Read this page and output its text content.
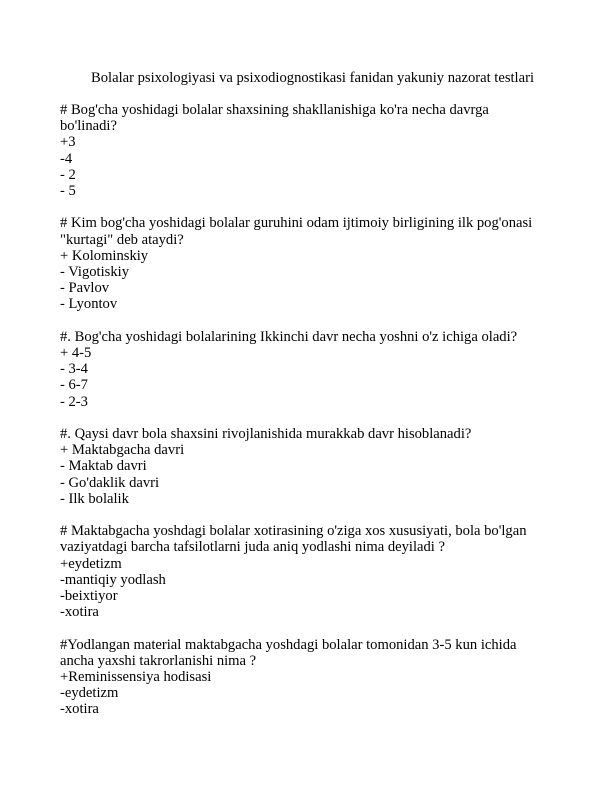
Bolalar psixologiyasi va psixodiognostikasi fanidan yakuniy nazorat testlari
# Bog'cha yoshidagi bolalar shaxsining shakllanishiga ko'ra necha davrga
bo'linadi?
+3
-4
- 2
- 5
# Kim bog'cha yoshidagi bolalar guruhini odam ijtimoiy birligining ilk pog'onasi
"kurtagi" deb ataydi?
+ Kolominskiy
- Vigotiskiy
- Pavlov
- Lyontov
#. Bog'cha yoshidagi bolalarining Ikkinchi davr necha yoshni o'z ichiga oladi?
+ 4-5
- 3-4
- 6-7
- 2-3
#. Qaysi davr bola shaxsini rivojlanishida murakkab davr hisoblanadi?
+ Maktabgacha davri
- Maktab davri
- Go'daklik davri
- Ilk bolalik
# Maktabgacha yoshdagi bolalar xotirasining o'ziga xos xususiyati, bola bo'lgan
vaziyatdagi barcha tafsilotlarni juda aniq yodlashi nima deyiladi ?
+eydetizm
-mantiqiy yodlash
-beixtiyor
-xotira
#Yodlangan material maktabgacha yoshdagi bolalar tomonidan 3-5 kun ichida
ancha yaxshi takrorlanishi nima ?
+Reminissensiya hodisasi
-eydetizm
-xotira
